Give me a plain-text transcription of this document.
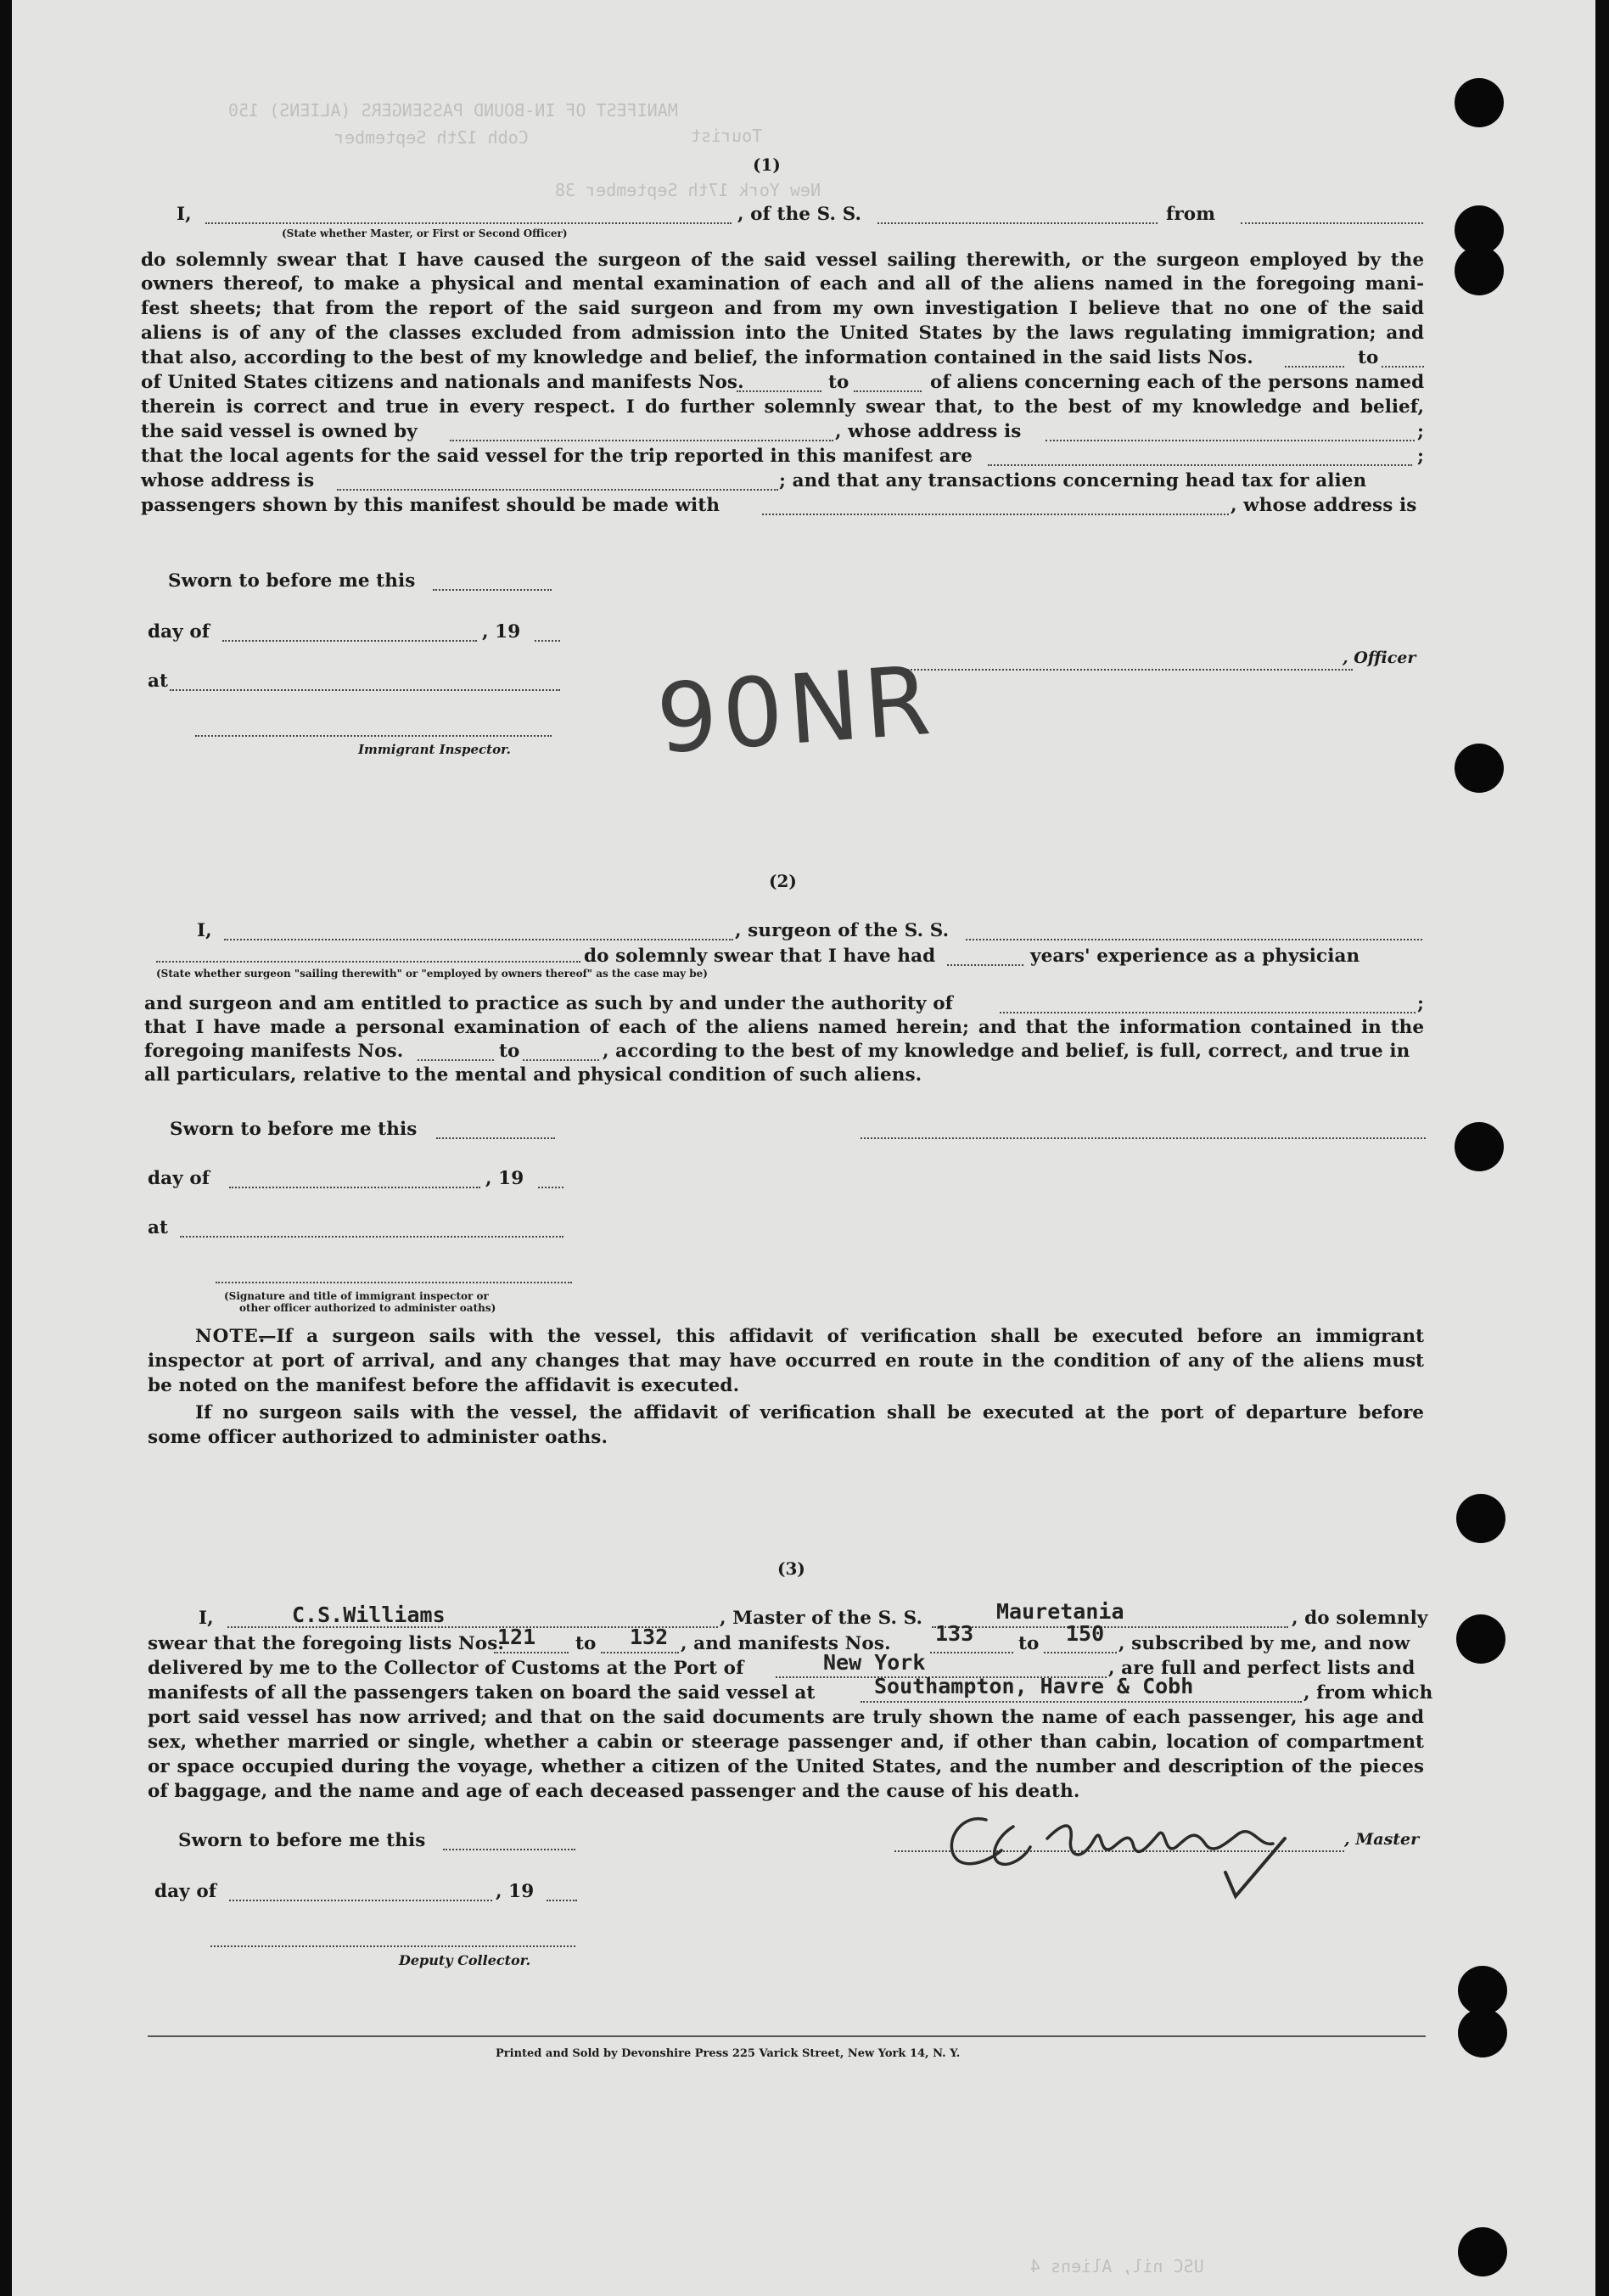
MANIFEST OF IN-BOUND PASSENGERS (ALIENS) 150
Cobh 12th September	Tourist
New York 17th September 38
USC nil, Aliens 4
(1)
I,	, of the S. S.	from
(State whether Master, or First or Second Officer)
do solemnly swear that I have caused the surgeon of the said vessel sailing therewith, or the surgeon employed by the
owners thereof, to make a physical and mental examination of each and all of the aliens named in the foregoing mani-
fest sheets; that from the report of the said surgeon and from my own investigation I believe that no one of the said
aliens is of any of the classes excluded from admission into the United States by the laws regulating immigration; and
that also, according to the best of my knowledge and belief, the information contained in the said lists Nos.	to
of United States citizens and nationals and manifests Nos.	to	of aliens concerning each of the persons named
therein is correct and true in every respect. I do further solemnly swear that, to the best of my knowledge and belief,
the said vessel is owned by	, whose address is	;
that the local agents for the said vessel for the trip reported in this manifest are	;
whose address is	; and that any transactions concerning head tax for alien
passengers shown by this manifest should be made with	, whose address is
Sworn to before me this
day of	, 19
at
, Officer
Immigrant Inspector. 90NR
(2)
I,	, surgeon of the S. S.
(State whether surgeon "sailing therewith" or "employed by owners thereof" as the case may be)
do solemnly swear that I have had	years' experience as a physician
and surgeon and am entitled to practice as such by and under the authority of	;
that I have made a personal examination of each of the aliens named herein; and that the information contained in the
foregoing manifests Nos.	to	, according to the best of my knowledge and belief, is full, correct, and true in
all particulars, relative to the mental and physical condition of such aliens.
Sworn to before me this
day of	, 19
at
(Signature and title of immigrant inspector or
other officer authorized to administer oaths)
NOTE.
—If a surgeon sails with the vessel, this affidavit of verification shall be executed before an immigrant
inspector at port of arrival, and any changes that may have occurred en route in the condition of any of the aliens must
be noted on the manifest before the affidavit is executed.
If no surgeon sails with the vessel, the affidavit of verification shall be executed at the port of departure before
some officer authorized to administer oaths.
(3)
I,	C.S.Williams	, Master of the S. S.	Mauretania	, do solemnly
swear that the foregoing lists Nos.
121 to 132 , and manifests Nos. 133 to 150 , subscribed by me, and now
delivered by me to the Collector of Customs at the Port of	New York	, are full and perfect lists and
manifests of all the passengers taken on board the said vessel at	Southampton, Havre & Cobh	, from which
port said vessel has now arrived; and that on the said documents are truly shown the name of each passenger, his age and
sex, whether married or single, whether a cabin or steerage passenger and, if other than cabin, location of compartment
or space occupied during the voyage, whether a citizen of the United States, and the number and description of the pieces
of baggage, and the name and age of each deceased passenger and the cause of his death.
Sworn to before me this	, Master
day of	, 19
Deputy Collector.
Printed and Sold by Devonshire Press 225 Varick Street, New York 14, N. Y.
